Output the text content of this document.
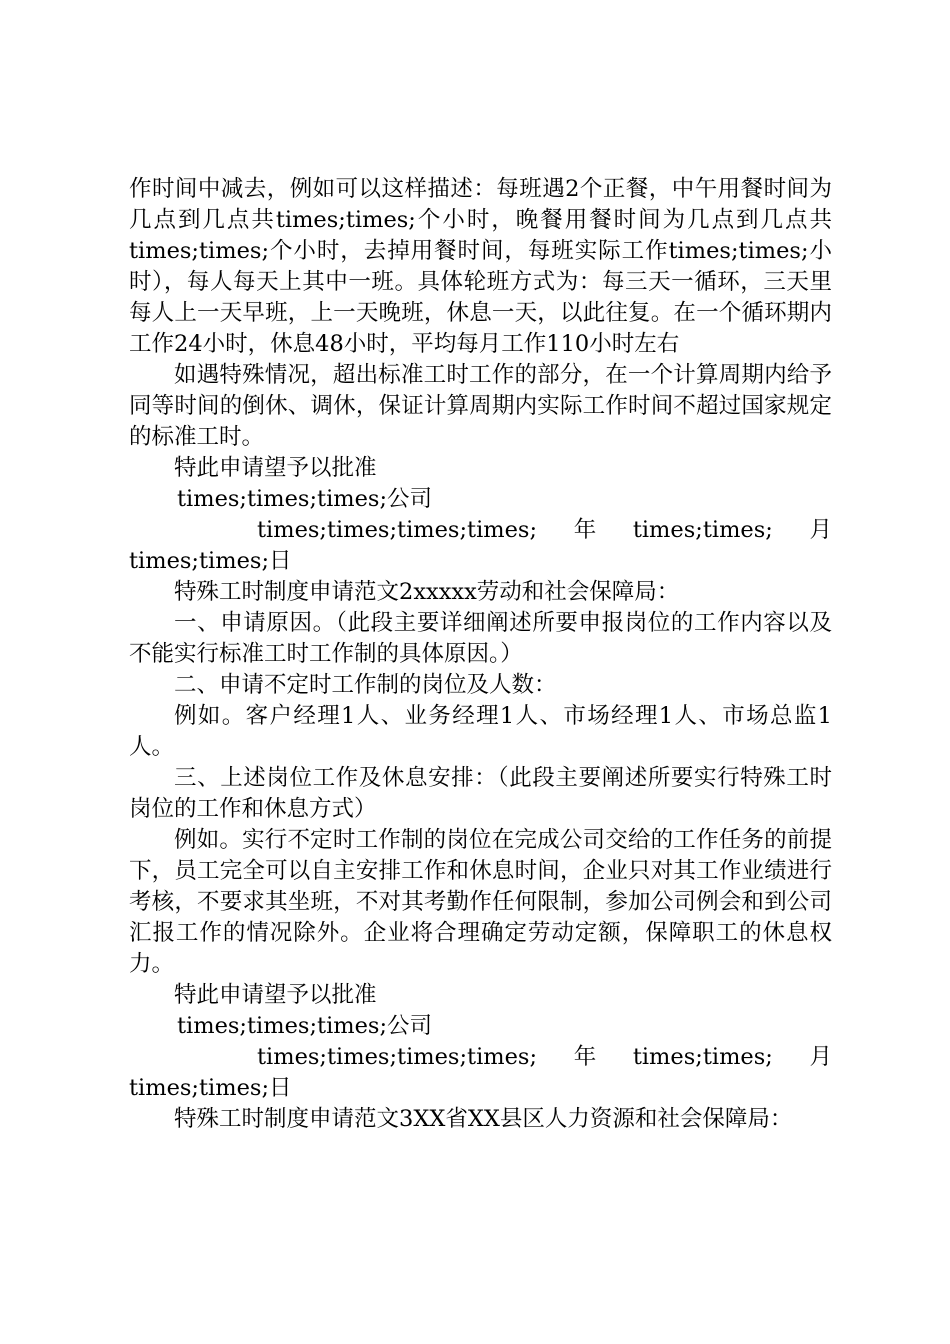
作时间中减去，例如可以这样描述：每班遇2个正餐，中午用餐时间为几点到几点共times;times;个小时，晚餐用餐时间为几点到几点共times;times;个小时，去掉用餐时间，每班实际工作times;times;小时），每人每天上其中一班。具体轮班方式为：每三天一循环，三天里每人上一天早班，上一天晚班，休息一天，以此往复。在一个循环期内工作24小时，休息48小时，平均每月工作110小时左右

如遇特殊情况，超出标准工时工作的部分，在一个计算周期内给予同等时间的倒休、调休，保证计算周期内实际工作时间不超过国家规定的标准工时。

特此申请望予以批准

times;times;times;公司

times;times;times;times; 年 times;times; 月
times;times;日

特殊工时制度申请范文2xxxxx劳动和社会保障局：

一、申请原因。（此段主要详细阐述所要申报岗位的工作内容以及不能实行标准工时工作制的具体原因。）

二、申请不定时工作制的岗位及人数：

例如。客户经理1人、业务经理1人、市场经理1人、市场总监1人。

三、上述岗位工作及休息安排：（此段主要阐述所要实行特殊工时岗位的工作和休息方式）

例如。实行不定时工作制的岗位在完成公司交给的工作任务的前提下，员工完全可以自主安排工作和休息时间，企业只对其工作业绩进行考核，不要求其坐班，不对其考勤作任何限制，参加公司例会和到公司汇报工作的情况除外。企业将合理确定劳动定额，保障职工的休息权力。

特此申请望予以批准

times;times;times;公司

times;times;times;times; 年 times;times; 月
times;times;日

特殊工时制度申请范文3XX省XX县区人力资源和社会保障局：
